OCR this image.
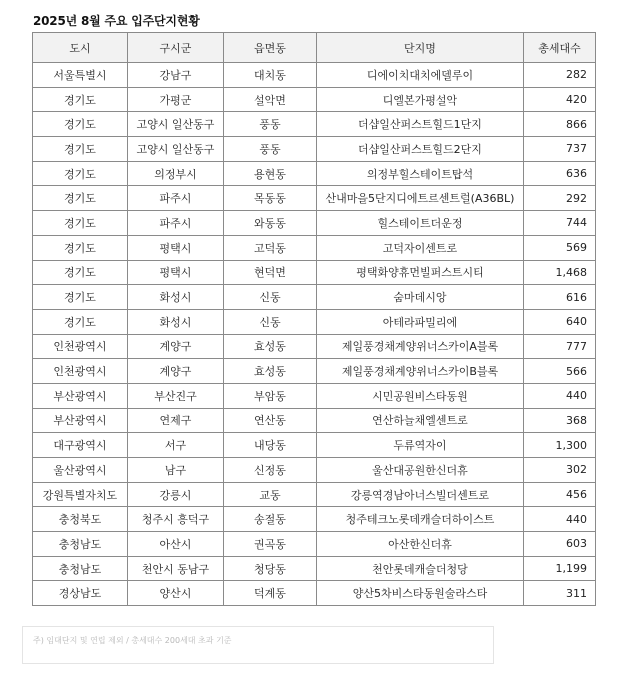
2025년 8월 주요 입주단지현황
도시	구시군	읍면동	단지명	총세대수
서울특별시	강남구	대치동	디에이치대치에델루이	282
경기도	가평군	설악면	디엘본가평설악	420
경기도	고양시 일산동구	풍동	더샵일산퍼스트힐드1단지	866
경기도	고양시 일산동구	풍동	더샵일산퍼스트힐드2단지	737
경기도	의정부시	용현동	의정부힐스테이트탑석	636
경기도	파주시	목동동	산내마을5단지디에트르센트럴(A36BL)	292
경기도	파주시	와동동	힐스테이트더운정	744
경기도	평택시	고덕동	고덕자이센트로	569
경기도	평택시	현덕면	평택화양휴먼빌퍼스트시티	1,468
경기도	화성시	신동	숨마데시앙	616
경기도	화성시	신동	아테라파밀리에	640
인천광역시	계양구	효성동	제일풍경채계양위너스카이A블록	777
인천광역시	계양구	효성동	제일풍경채계양위너스카이B블록	566
부산광역시	부산진구	부암동	시민공원비스타동원	440
부산광역시	연제구	연산동	연산하늘채엘센트로	368
대구광역시	서구	내당동	두류역자이	1,300
울산광역시	남구	신정동	울산대공원한신더휴	302
강원특별자치도	강릉시	교동	강릉역경남아너스빌더센트로	456
충청북도	청주시 흥덕구	송절동	청주테크노롯데캐슬더하이스트	440
충청남도	아산시	권곡동	아산한신더휴	603
충청남도	천안시 동남구	청당동	천안롯데캐슬더청당	1,199
경상남도	양산시	덕계동	양산5차비스타동원술라스타	311
주) 임대단지 및 연립 제외 / 총세대수 200세대 초과 기준
